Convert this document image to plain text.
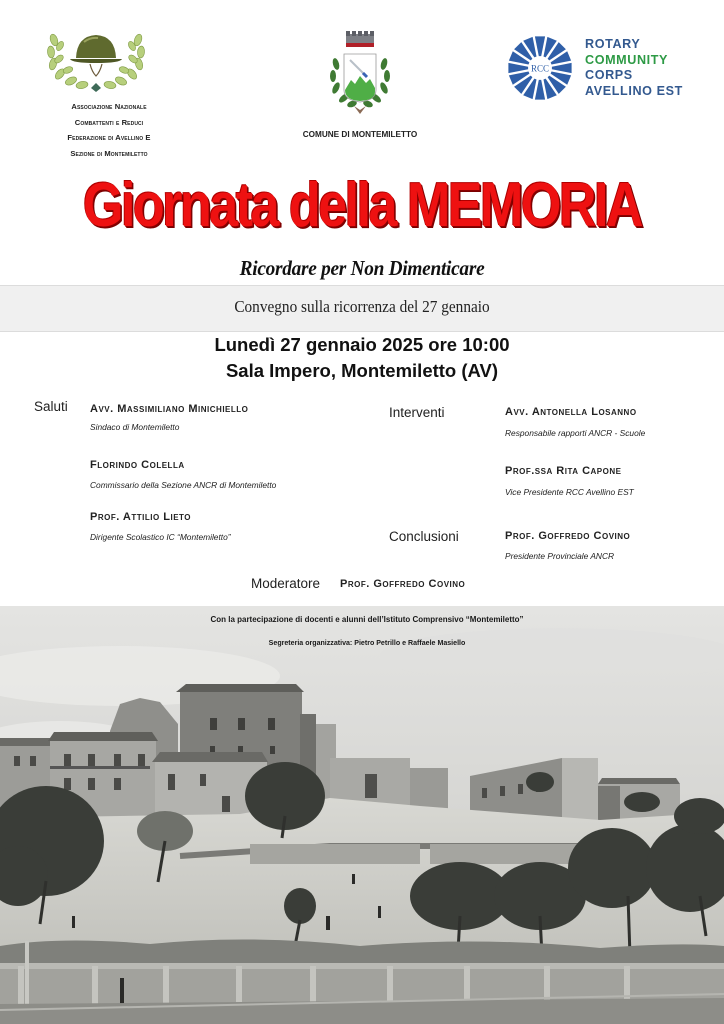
Associazione Nazionale
Combattenti e Reduci
Federazione di Avellino E
Sezione di Montemiletto
COMUNE DI MONTEMILETTO
RCC
ROTARY
COMMUNITY
CORPS
AVELLINO EST
Giornata della MEMORIA
Ricordare per Non Dimenticare
Convegno sulla ricorrenza del 27 gennaio
Lunedì 27 gennaio 2025 ore 10:00
Sala Impero, Montemiletto (AV)
Saluti Avv. Massimiliano Minichiello
Sindaco di Montemiletto
Florindo Colella
Commissario della Sezione ANCR di Montemiletto
Prof. Attilio Lieto
Dirigente Scolastico IC “Montemiletto”
Interventi	Avv. Antonella Losanno
Responsabile rapporti ANCR - Scuole
Prof.ssa Rita Capone
Vice Presidente RCC Avellino EST
Conclusioni	Prof. Goffredo Covino
Presidente Provinciale ANCR
Moderatore Prof. Goffredo Covino
Con la partecipazione di docenti e alunni dell’Istituto Comprensivo “Montemiletto”
Segreteria organizzativa: Pietro Petrillo e Raffaele Masiello
